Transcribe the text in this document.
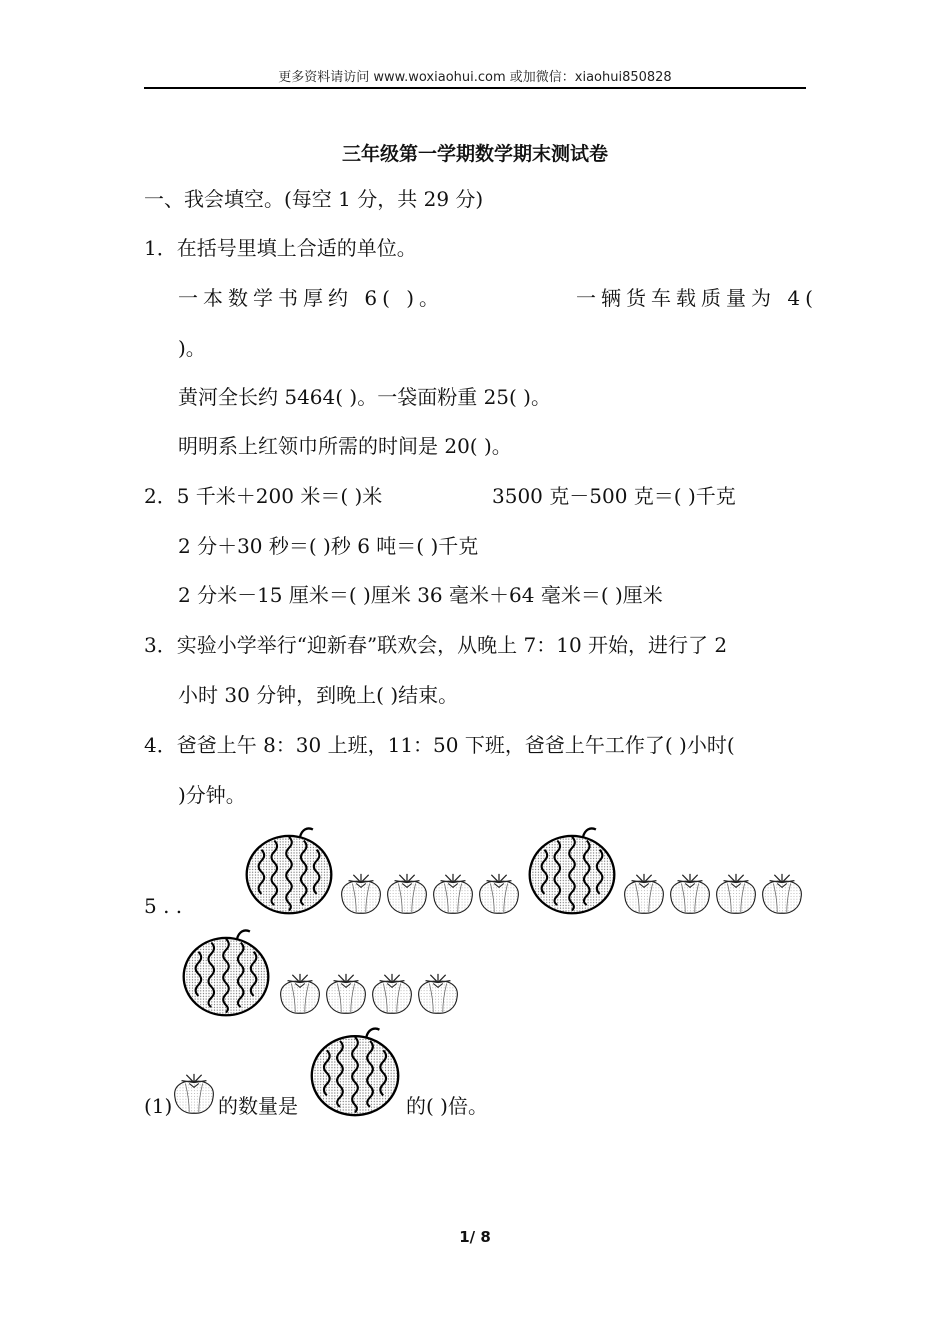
更多资料请访问 www.woxiaohui.com 或加微信：xiaohui850828
三年级第一学期数学期末测试卷
一、我会填空。(每空 1 分，共 29 分)
1．在括号里填上合适的单位。
一本数学书厚约 6( )。	一辆货车载质量为 4(
)。
黄河全长约 5464( )。一袋面粉重 25( )。
明明系上红领巾所需的时间是 20( )。
2．5 千米＋200 米＝( )米	3500 克－500 克＝( )千克
2 分＋30 秒＝( )秒 6 吨＝( )千克
2 分米－15 厘米＝( )厘米 36 毫米＋64 毫米＝( )厘米
3．实验小学举行“迎新春”联欢会，从晚上 7：10 开始，进行了 2
小时 30 分钟，到晚上( )结束。
4．爸爸上午 8：30 上班，11：50 下班，爸爸上午工作了( )小时(
)分钟。
5 . .
(1) 的数量是	的( )倍。
1/ 8
